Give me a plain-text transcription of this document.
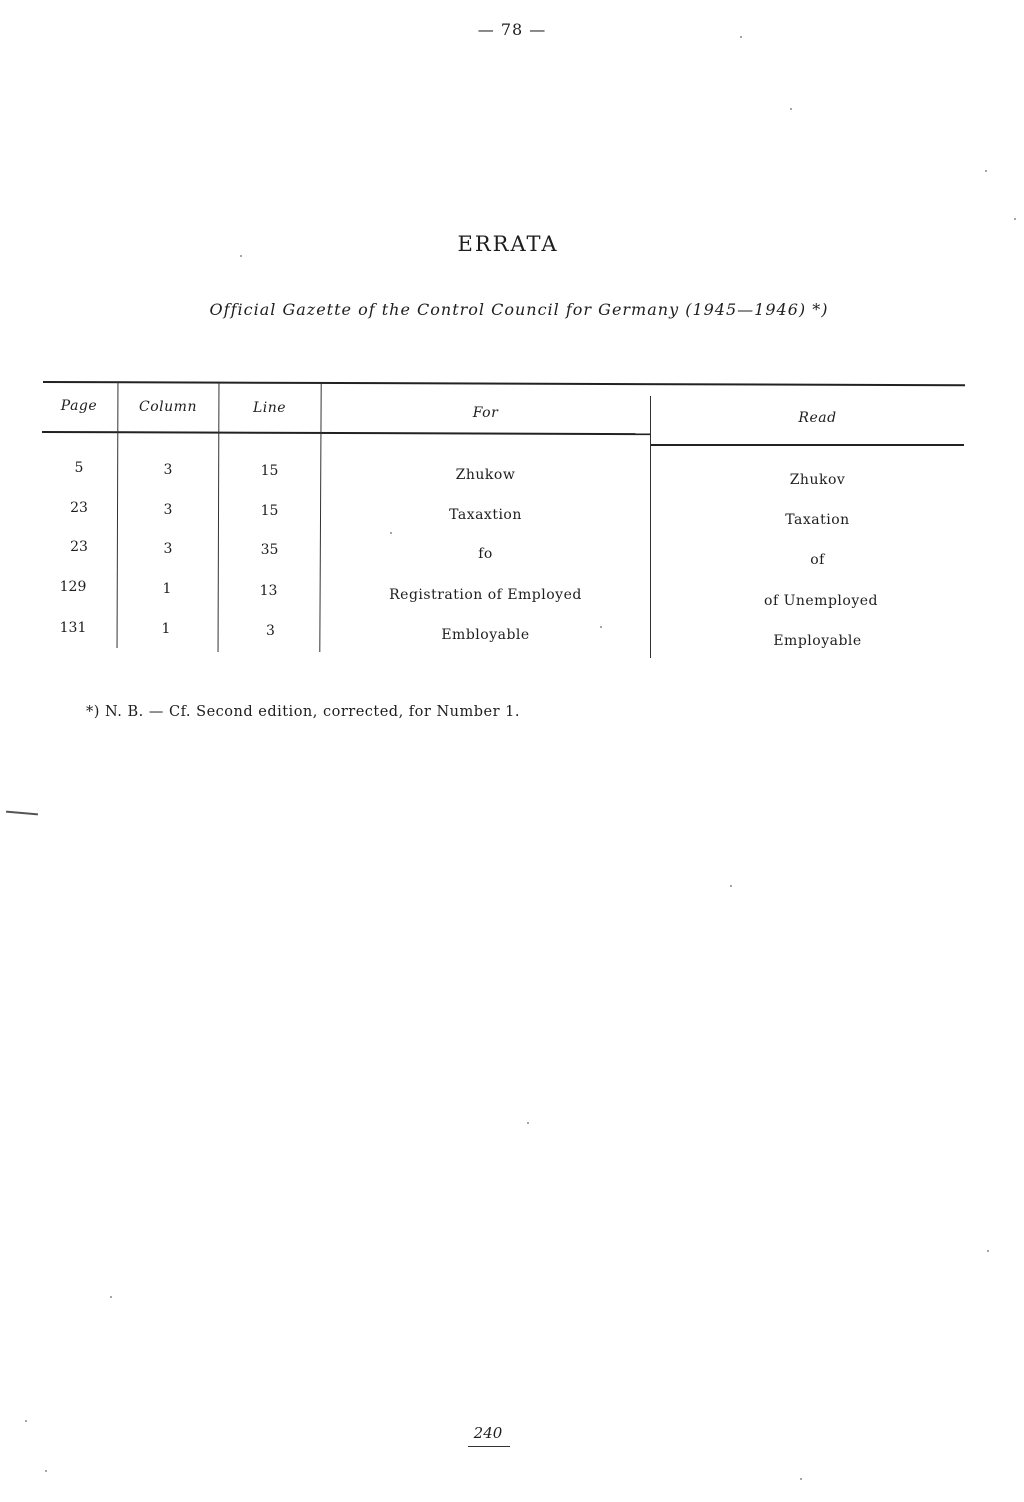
— 78 —
ERRATA
Official Gazette of the Control Council for Germany (1945—1946) *)
Page	Column	Line	For	Read
5	3	15	Zhukow	Zhukov
23	3	15	Taxaxtion	Taxation
23	3	35	fo	of
129	1	13	Registration of Employed	of Unemployed
131	1	3	Embloyable	Employable
*) N. B. — Cf. Second edition, corrected, for Number 1.
240
